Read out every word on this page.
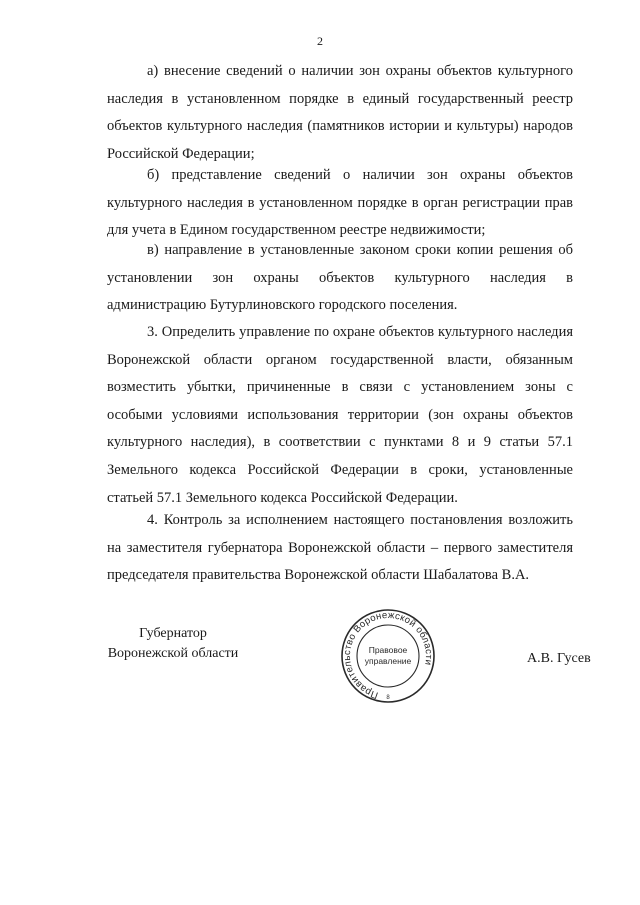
2
а) внесение сведений о наличии зон охраны объектов культурного наследия в установленном порядке в единый государственный реестр объектов культурного наследия (памятников истории и культуры) народов Российской Федерации;
б) представление сведений о наличии зон охраны объектов культурного наследия в установленном порядке в орган регистрации прав для учета в Едином государственном реестре недвижимости;
в) направление в установленные законом сроки копии решения об установлении зон охраны объектов культурного наследия в администрацию Бутурлиновского городского поселения.
3. Определить управление по охране объектов культурного наследия Воронежской области органом государственной власти, обязанным возместить убытки, причиненные в связи с установлением зоны с особыми условиями использования территории (зон охраны объектов культурного наследия), в соответствии с пунктами 8 и 9 статьи 57.1 Земельного кодекса Российской Федерации в сроки, установленные статьей 57.1 Земельного кодекса Российской Федерации.
4. Контроль за исполнением настоящего постановления возложить на заместителя губернатора Воронежской области – первого заместителя председателя правительства Воронежской области Шабалатова В.А.
Губернатор
Воронежской области
Правительство Воронежской области
Правовое
управление
8
А.В. Гусев
